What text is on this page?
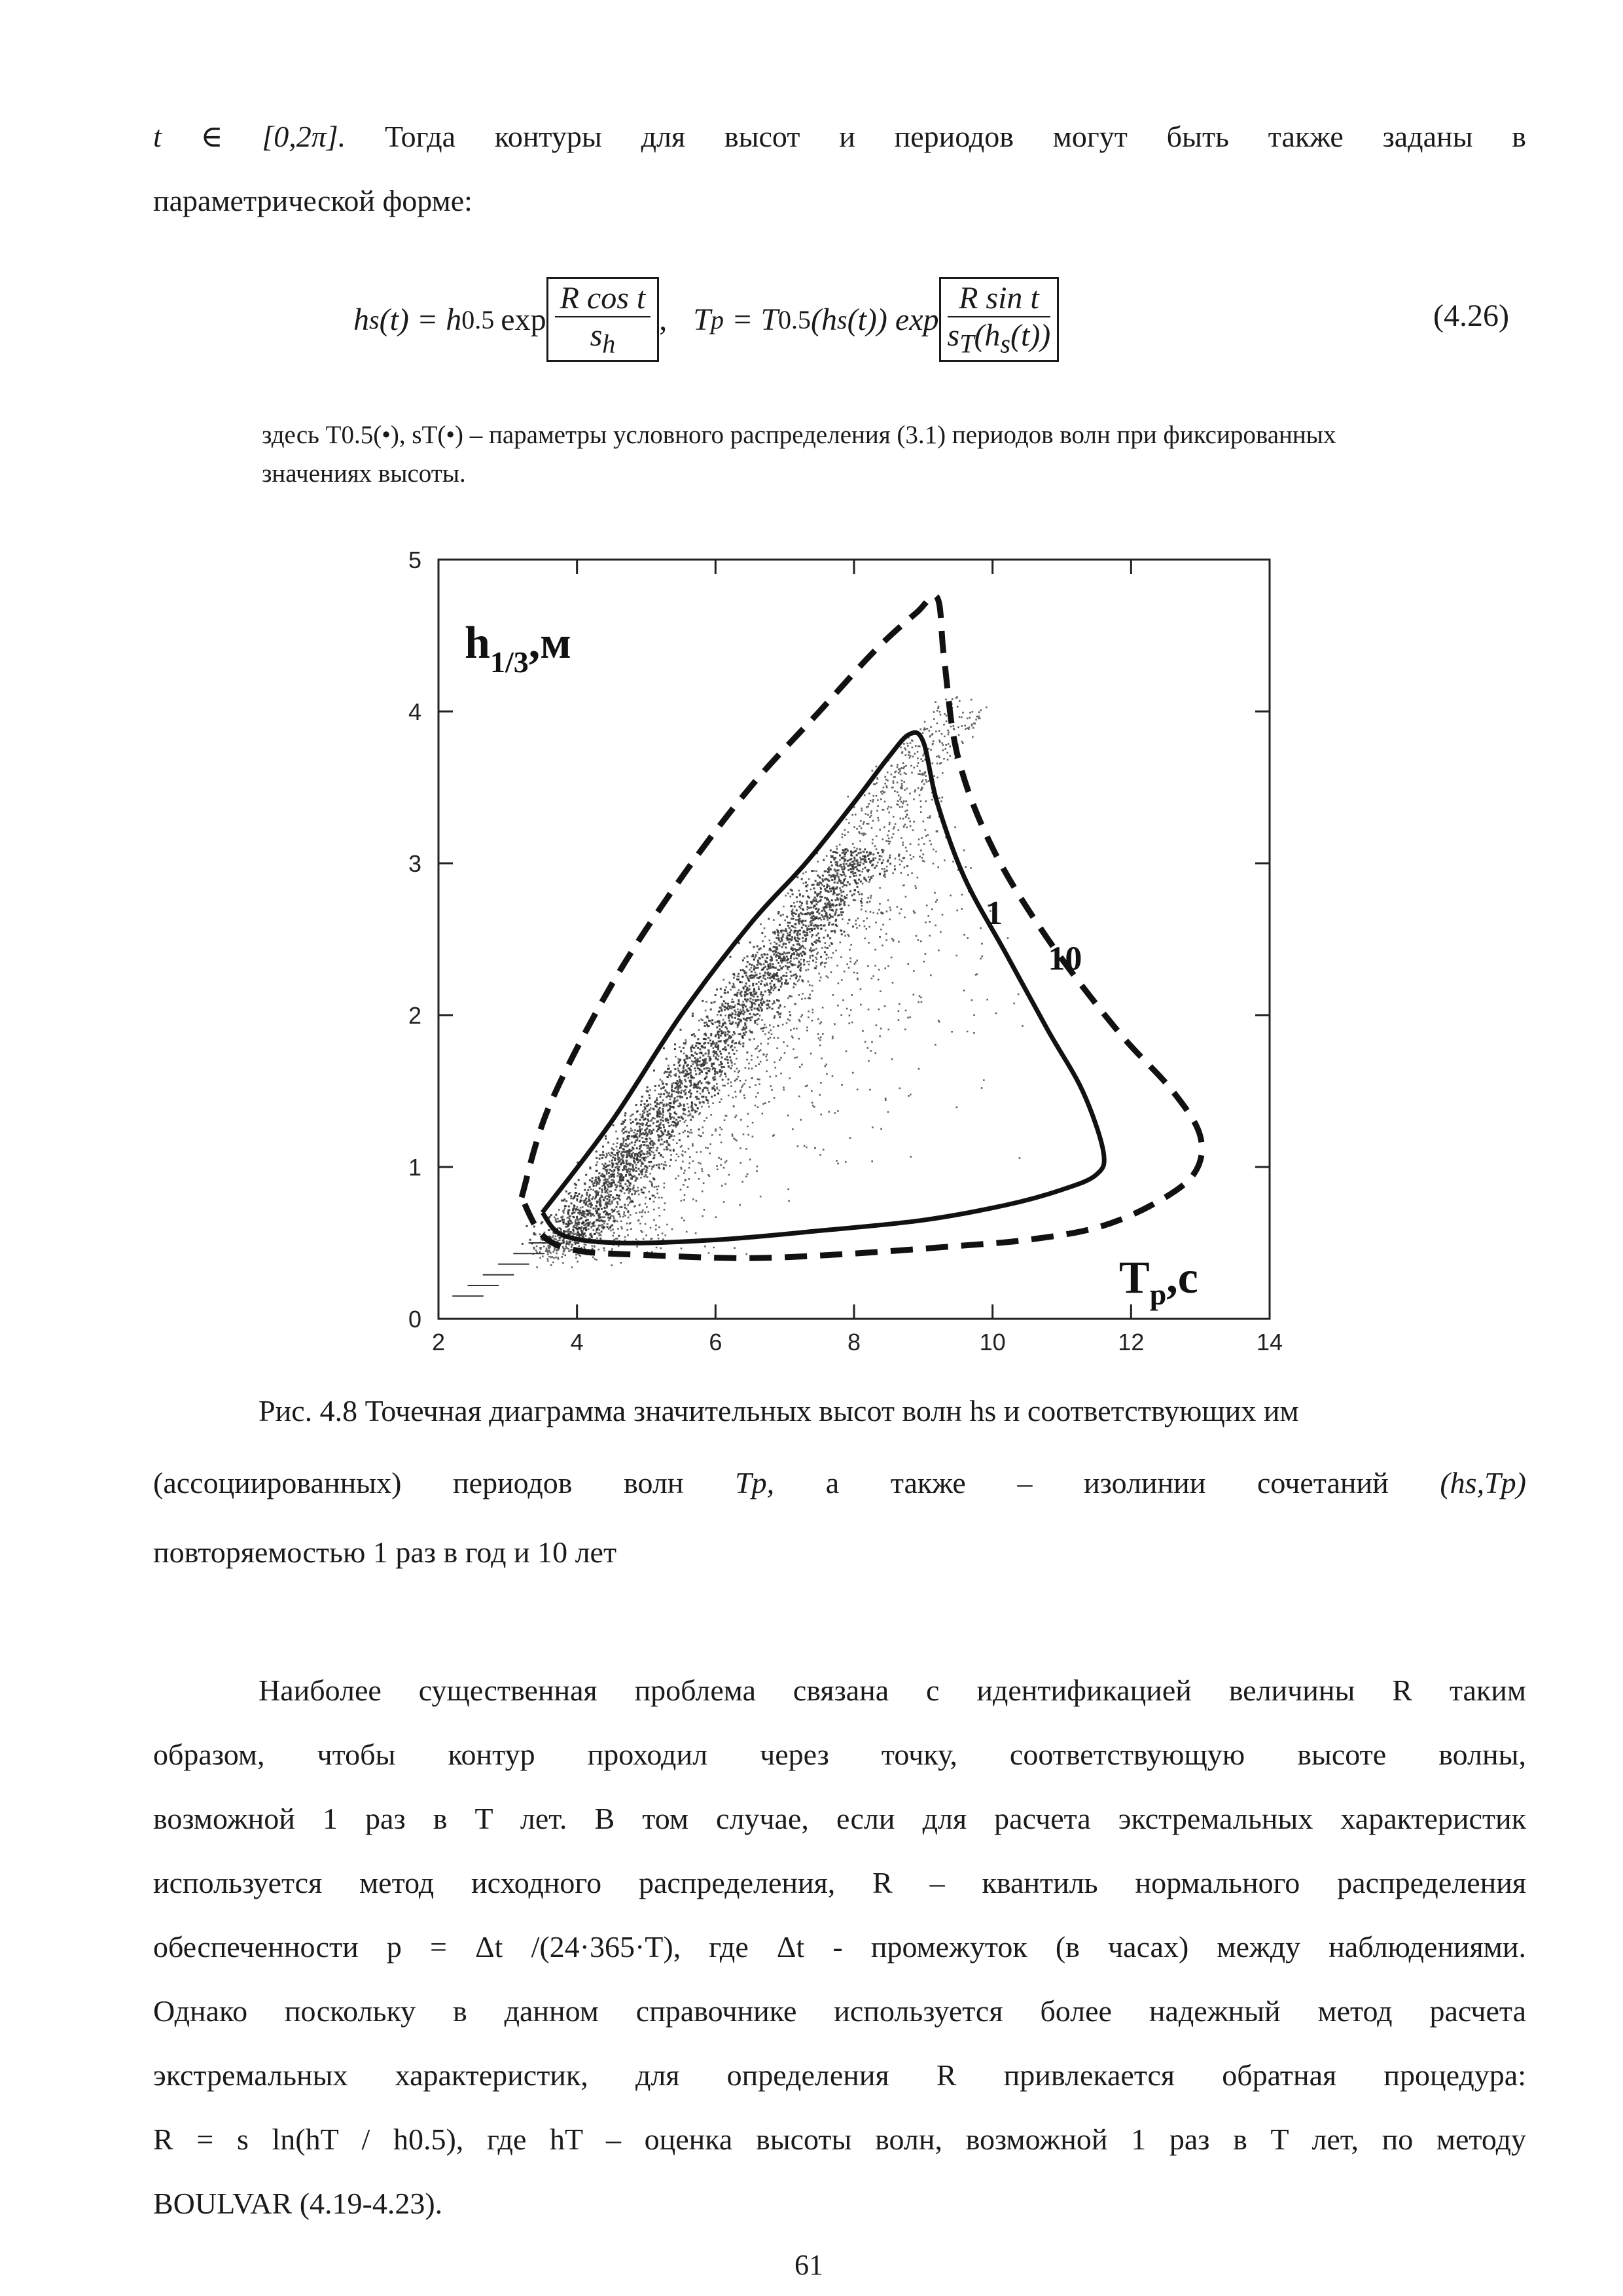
t ∈ [0,2π]. Тогда контуры для высот и периодов могут быть также заданы в
параметрической форме:
h s (t) = h 0.5 $\exp \frac{\text{R cos t}}{s_h}$ , T p = T 0.5 (h s (t)) $\exp \frac{\text{R sin t}}{s_T(h_s(t))}$	(4.26)
здесь T0.5(•), sT(•) – параметры условного распределения (3.1) периодов волн при фиксированных
значениях высоты.
1
10
2	4	6	8	10	12	14
0
1
2
3
4
5
$h_{1/3},м$
$T_p,c$
Рис. 4.8 Точечная диаграмма значительных высот волн hs и соответствующих им
(ассоциированных) периодов волн Tp, а также – изолинии сочетаний (hs,Tp)
повторяемостью 1 раз в год и 10 лет
Наиболее существенная проблема связана с идентификацией величины R таким
образом, чтобы контур проходил через точку, соответствующую высоте волны,
возможной 1 раз в T лет. В том случае, если для расчета экстремальных характеристик
используется метод исходного распределения, R – квантиль нормального распределения
обеспеченности p = Δt /(24·365·T), где Δt - промежуток (в часах) между наблюдениями.
Однако поскольку в данном справочнике используется более надежный метод расчета
экстремальных характеристик, для определения R привлекается обратная процедура:
R = s ln(hT / h0.5), где hT – оценка высоты волн, возможной 1 раз в T лет, по методу
BOULVAR (4.19-4.23).
61
